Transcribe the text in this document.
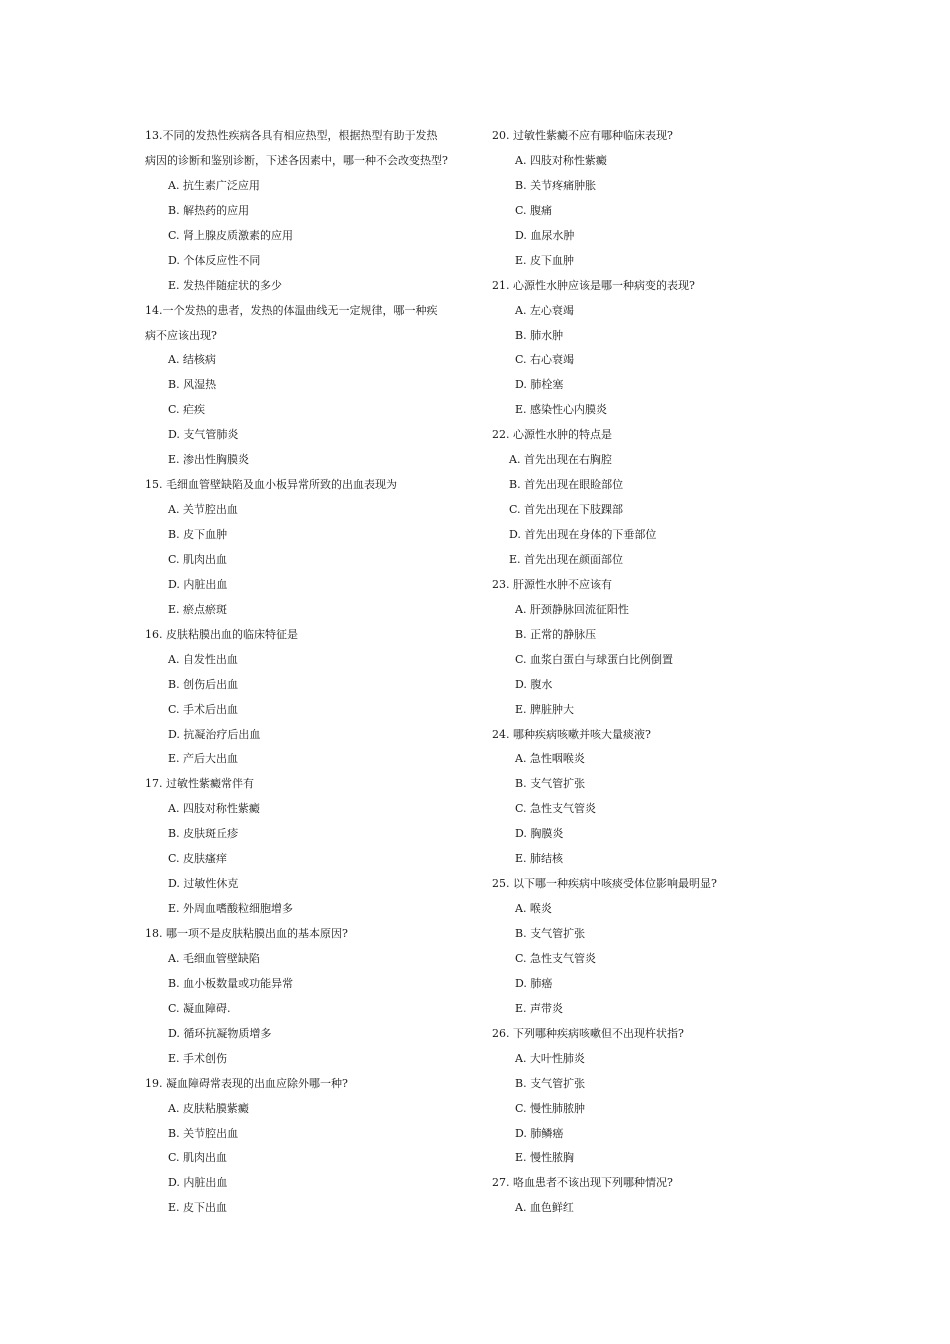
13.不同的发热性疾病各具有相应热型，根据热型有助于发热
病因的诊断和鉴别诊断，下述各因素中，哪一种不会改变热型?
A. 抗生素广泛应用
B. 解热药的应用
C. 肾上腺皮质激素的应用
D. 个体反应性不同
E. 发热伴随症状的多少
14.一个发热的患者，发热的体温曲线无一定规律，哪一种疾
病不应该出现?
A. 结核病
B. 风湿热
C. 疟疾
D. 支气管肺炎
E. 渗出性胸膜炎
15. 毛细血管壁缺陷及血小板异常所致的出血表现为
A. 关节腔出血
B. 皮下血肿
C. 肌肉出血
D. 内脏出血
E. 瘀点瘀斑
16. 皮肤粘膜出血的临床特征是
A. 自发性出血
B. 创伤后出血
C. 手术后出血
D. 抗凝治疗后出血
E. 产后大出血
17. 过敏性紫癜常伴有
A. 四肢对称性紫癜
B. 皮肤斑丘疹
C. 皮肤瘙痒
D. 过敏性休克
E. 外周血嗜酸粒细胞增多
18. 哪一项不是皮肤粘膜出血的基本原因?
A. 毛细血管壁缺陷
B. 血小板数量或功能异常
C. 凝血障碍.
D. 循环抗凝物质增多
E. 手术创伤
19. 凝血障碍常表现的出血应除外哪一种?
A. 皮肤粘膜紫癜
B. 关节腔出血
C. 肌肉出血
D. 内脏出血
E. 皮下出血
20. 过敏性紫癜不应有哪种临床表现?
A. 四肢对称性紫癜
B. 关节疼痛肿胀
C. 腹痛
D. 血尿水肿
E. 皮下血肿
21. 心源性水肿应该是哪一种病变的表现?
A. 左心衰竭
B. 肺水肿
C. 右心衰竭
D. 肺栓塞
E. 感染性心内膜炎
22. 心源性水肿的特点是
A. 首先出现在右胸腔
B. 首先出现在眼睑部位
C. 首先出现在下肢踝部
D. 首先出现在身体的下垂部位
E. 首先出现在颜面部位
23. 肝源性水肿不应该有
A. 肝颈静脉回流征阳性
B. 正常的静脉压
C. 血浆白蛋白与球蛋白比例倒置
D. 腹水
E. 脾脏肿大
24. 哪种疾病咳嗽并咳大量痰液?
A. 急性咽喉炎
B. 支气管扩张
C. 急性支气管炎
D. 胸膜炎
E. 肺结核
25. 以下哪一种疾病中咳痰受体位影响最明显?
A. 喉炎
B. 支气管扩张
C. 急性支气管炎
D. 肺癌
E. 声带炎
26. 下列哪种疾病咳嗽但不出现杵状指?
A. 大叶性肺炎
B. 支气管扩张
C. 慢性肺脓肿
D. 肺鳞癌
E. 慢性脓胸
27. 咯血患者不该出现下列哪种情况?
A. 血色鲜红
